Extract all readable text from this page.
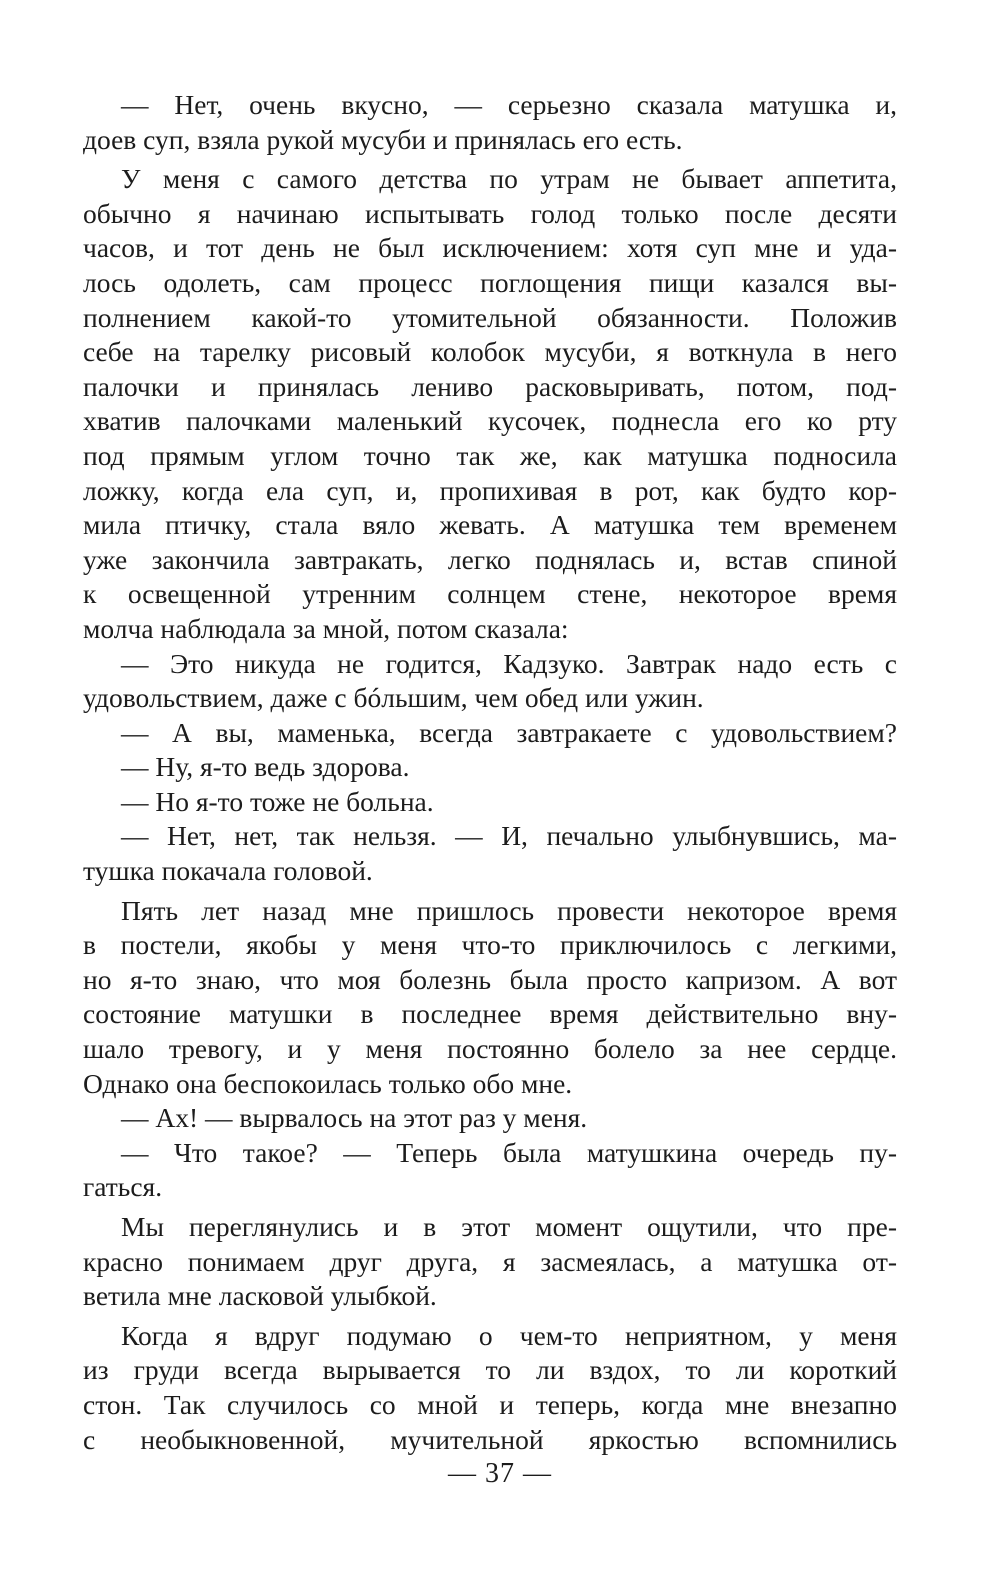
— Нет, очень вкусно, — серьезно сказала матушка и,
доев суп, взяла рукой мусуби и принялась его есть.
У меня с самого детства по утрам не бывает аппетита,
обычно я начинаю испытывать голод только после десяти
часов, и тот день не был исключением: хотя суп мне и уда-
лось одолеть, сам процесс поглощения пищи казался вы-
полнением какой-то утомительной обязанности. Положив
себе на тарелку рисовый колобок мусуби, я воткнула в него
палочки и принялась лениво расковыривать, потом, под-
хватив палочками маленький кусочек, поднесла его ко рту
под прямым углом точно так же, как матушка подносила
ложку, когда ела суп, и, пропихивая в рот, как будто кор-
мила птичку, стала вяло жевать. А матушка тем временем
уже закончила завтракать, легко поднялась и, встав спиной
к освещенной утренним солнцем стене, некоторое время
молча наблюдала за мной, потом сказала:
— Это никуда не годится, Кадзуко. Завтрак надо есть с
удовольствием, даже с бóльшим, чем обед или ужин.
— А вы, маменька, всегда завтракаете с удовольствием?
— Ну, я-то ведь здорова.
— Но я-то тоже не больна.
— Нет, нет, так нельзя. — И, печально улыбнувшись, ма-
тушка покачала головой.
Пять лет назад мне пришлось провести некоторое время
в постели, якобы у меня что-то приключилось с легкими,
но я-то знаю, что моя болезнь была просто капризом. А вот
состояние матушки в последнее время действительно вну-
шало тревогу, и у меня постоянно болело за нее сердце.
Однако она беспокоилась только обо мне.
— Ах! — вырвалось на этот раз у меня.
— Что такое? — Теперь была матушкина очередь пу-
гаться.
Мы переглянулись и в этот момент ощутили, что пре-
красно понимаем друг друга, я засмеялась, а матушка от-
ветила мне ласковой улыбкой.
Когда я вдруг подумаю о чем-то неприятном, у меня
из груди всегда вырывается то ли вздох, то ли короткий
стон. Так случилось со мной и теперь, когда мне внезапно
с необыкновенной, мучительной яркостью вспомнились
— 37 —
